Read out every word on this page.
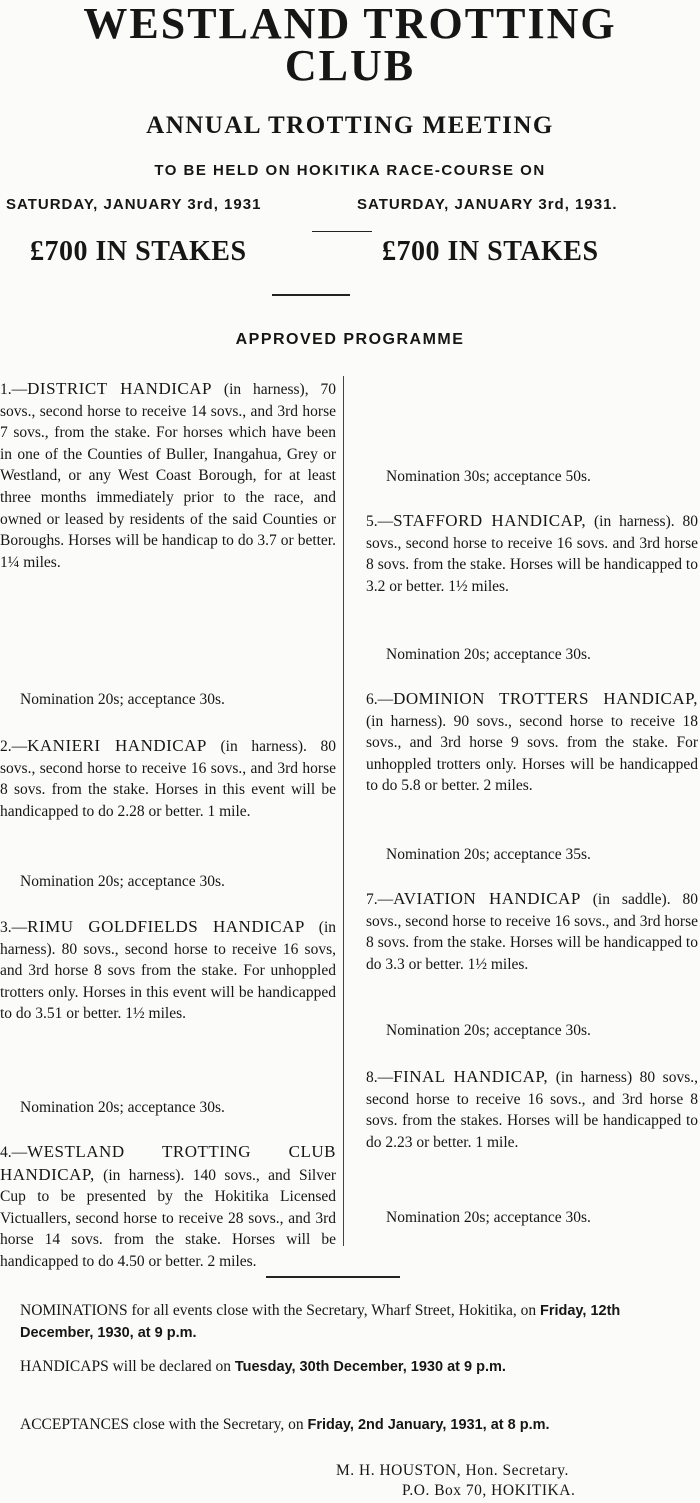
WESTLAND TROTTING
CLUB
ANNUAL TROTTING MEETING
TO BE HELD ON HOKITIKA RACE-COURSE ON
SATURDAY, JANUARY 3rd, 1931	SATURDAY, JANUARY 3rd, 1931.
£700 IN STAKES	£700 IN STAKES
APPROVED PROGRAMME
1.—DISTRICT HANDICAP (in harness), 70 sovs., second horse to receive 14 sovs., and 3rd horse 7 sovs., from the stake. For horses which have been in one of the Counties of Buller, Inangahua, Grey or Westland, or any West Coast Borough, for at least three months immediately prior to the race, and owned or leased by residents of the said Counties or Boroughs. Horses will be handicap to do 3.7 or better. 1¼ miles.
Nomination 20s; acceptance 30s.
2.—KANIERI HANDICAP (in harness). 80 sovs., second horse to receive 16 sovs., and 3rd horse 8 sovs. from the stake. Horses in this event will be handicapped to do 2.28 or better. 1 mile.
Nomination 20s; acceptance 30s.
3.—RIMU GOLDFIELDS HANDICAP (in harness). 80 sovs., second horse to receive 16 sovs, and 3rd horse 8 sovs from the stake. For unhoppled trotters only. Horses in this event will be handicapped to do 3.51 or better. 1½ miles.
Nomination 20s; acceptance 30s.
4.—WESTLAND TROTTING CLUB HANDICAP, (in harness). 140 sovs., and Silver Cup to be presented by the Hokitika Licensed Victuallers, second horse to receive 28 sovs., and 3rd horse 14 sovs. from the stake. Horses will be handicapped to do 4.50 or better. 2 miles.
Nomination 30s; acceptance 50s.
5.—STAFFORD HANDICAP, (in harness). 80 sovs., second horse to receive 16 sovs. and 3rd horse 8 sovs. from the stake. Horses will be handicapped to 3.2 or better. 1½ miles.
Nomination 20s; acceptance 30s.
6.—DOMINION TROTTERS HANDICAP, (in harness). 90 sovs., second horse to receive 18 sovs., and 3rd horse 9 sovs. from the stake. For unhoppled trotters only. Horses will be handicapped to do 5.8 or better. 2 miles.
Nomination 20s; acceptance 35s.
7.—AVIATION HANDICAP (in saddle). 80 sovs., second horse to receive 16 sovs., and 3rd horse 8 sovs. from the stake. Horses will be handicapped to do 3.3 or better. 1½ miles.
Nomination 20s; acceptance 30s.
8.—FINAL HANDICAP, (in harness) 80 sovs., second horse to receive 16 sovs., and 3rd horse 8 sovs. from the stakes. Horses will be handicapped to do 2.23 or better. 1 mile.
Nomination 20s; acceptance 30s.
NOMINATIONS for all events close with the Secretary, Wharf Street, Hokitika, on Friday, 12th December, 1930, at 9 p.m.
HANDICAPS will be declared on Tuesday, 30th December, 1930 at 9 p.m.
ACCEPTANCES close with the Secretary, on Friday, 2nd January, 1931, at 8 p.m.
M. H. HOUSTON, Hon. Secretary.
P.O. Box 70, HOKITIKA.
